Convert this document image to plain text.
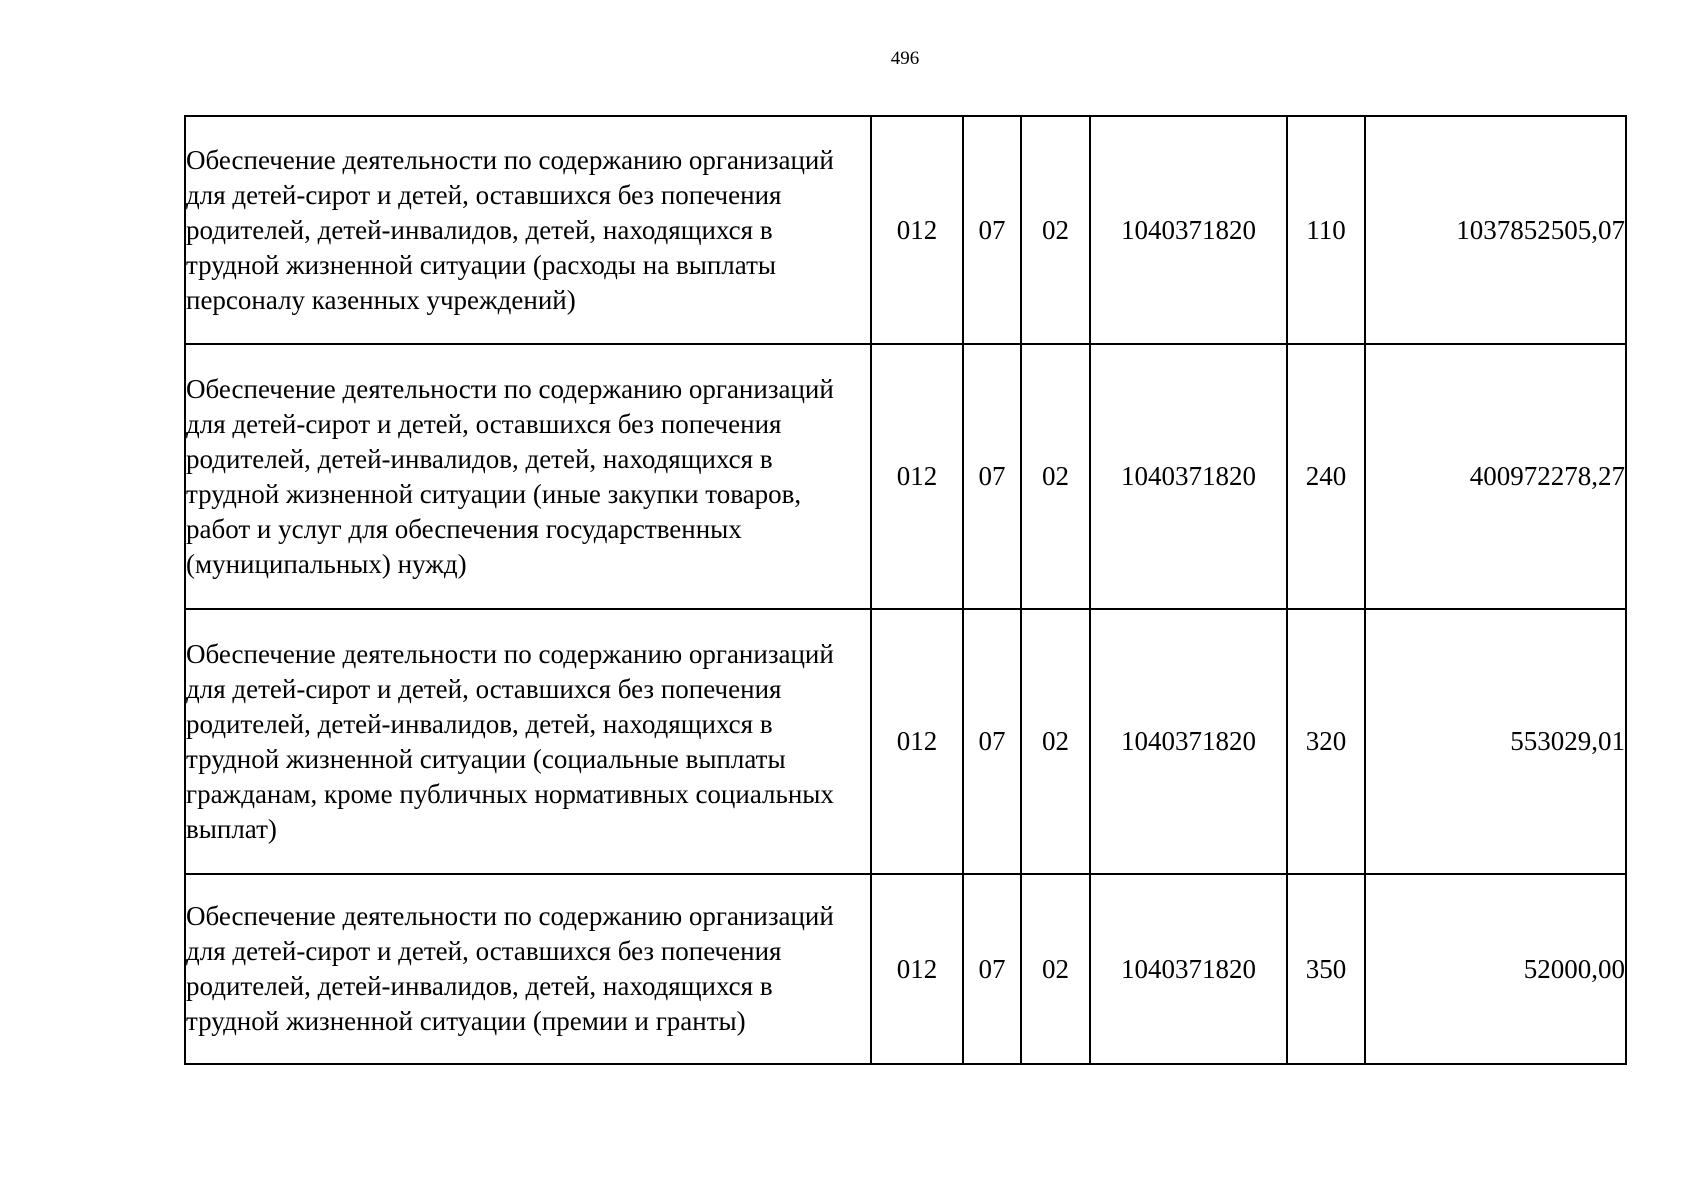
496
Обеспечение деятельности по содержанию организаций для детей-сирот и детей, оставшихся без попечения родителей, детей-инвалидов, детей, находящихся в трудной жизненной ситуации (расходы на выплаты персоналу казенных учреждений)	012	07	02	1040371820	110	1037852505,07
Обеспечение деятельности по содержанию организаций для детей-сирот и детей, оставшихся без попечения родителей, детей-инвалидов, детей, находящихся в трудной жизненной ситуации (иные закупки товаров, работ и услуг для обеспечения государственных (муниципальных) нужд)	012	07	02	1040371820	240	400972278,27
Обеспечение деятельности по содержанию организаций для детей-сирот и детей, оставшихся без попечения родителей, детей-инвалидов, детей, находящихся в трудной жизненной ситуации (социальные выплаты гражданам, кроме публичных нормативных социальных выплат)	012	07	02	1040371820	320	553029,01
Обеспечение деятельности по содержанию организаций для детей-сирот и детей, оставшихся без попечения родителей, детей-инвалидов, детей, находящихся в трудной жизненной ситуации (премии и гранты)	012	07	02	1040371820	350	52000,00
